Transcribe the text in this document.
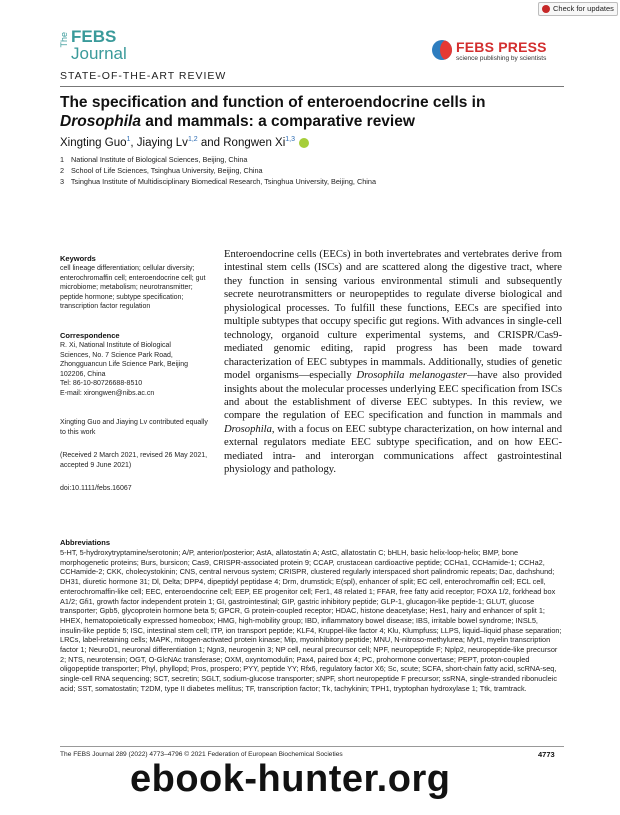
Check for updates
The FEBS
Journal	FEBS PRESS
science publishing by scientists
STATE-OF-THE-ART REVIEW
The specification and function of enteroendocrine cells in
Drosophila and mammals: a comparative review
Xingting Guo$^1$, Jiaying Lv$^{1,2}$ and Rongwen Xi$^{1,3}$
1 National Institute of Biological Sciences, Beijing, China
2 School of Life Sciences, Tsinghua University, Beijing, China
3 Tsinghua Institute of Multidisciplinary Biomedical Research, Tsinghua University, Beijing, China
Keywords
cell lineage differentiation; cellular diversity; enterochromaffin cell; enteroendocrine cell; gut microbiome; metabolism; neurotransmitter; peptide hormone; subtype specification; transcription factor regulation
Correspondence
R. Xi, National Institute of Biological
Sciences, No. 7 Science Park Road,
Zhongguancun Life Science Park, Beijing
102206, China
Tel: 86-10-80726688-8510
E-mail: xirongwen@nibs.ac.cn
Xingting Guo and Jiaying Lv contributed equally to this work
(Received 2 March 2021, revised 26 May 2021, accepted 9 June 2021)
doi:10.1111/febs.16067
Enteroendocrine cells (EECs) in both invertebrates and vertebrates derive from intestinal stem cells (ISCs) and are scattered along the digestive tract, where they function in sensing various environmental stimuli and subsequently secrete neurotransmitters or neuropeptides to regulate diverse biological and physiological processes. To fulfill these functions, EECs are specified into multiple subtypes that occupy specific gut regions. With advances in single-cell technology, organoid culture experimental systems, and CRISPR/Cas9-mediated genomic editing, rapid progress has been made toward characterization of EEC subtypes in mammals. Additionally, studies of genetic model organisms—especially Drosophila melanogaster—have also provided insights about the molecular processes underlying EEC specification from ISCs and about the establishment of diverse EEC subtypes. In this review, we compare the regulation of EEC specification and function in mammals and Drosophila, with a focus on EEC subtype characterization, on how internal and external regulators mediate EEC subtype specification, and on how EEC-mediated intra- and interorgan communications affect gastrointestinal physiology and pathology.
Abbreviations
5-HT, 5-hydroxytryptamine/serotonin; A/P, anterior/posterior; AstA, allatostatin A; AstC, allatostatin C; bHLH, basic helix-loop-helix; BMP, bone morphogenetic proteins; Burs, bursicon; Cas9, CRISPR-associated protein 9; CCAP, crustacean cardioactive peptide; CCHa1, CCHamide-1; CCHa2, CCHamide-2; CKK, cholecystokinin; CNS, central nervous system; CRISPR, clustered regularly interspaced short palindromic repeats; Dac, dachshund; DH31, diuretic hormone 31; Dl, Delta; DPP4, dipeptidyl peptidase 4; Drm, drumstick; E(spl), enhancer of split; EC cell, enterochromaffin cell; ECL cell, enterochromaffin-like cell; EEC, enteroendocrine cell; EEP, EE progenitor cell; Fer1, 48 related 1; FFAR, free fatty acid receptor; FOXA 1/2, forkhead box A1/2; Gfi1, growth factor independent protein 1; GI, gastrointestinal; GIP, gastric inhibitory peptide; GLP-1, glucagon-like peptide-1; GLUT, glucose transporter; Gpb5, glycoprotein hormone beta 5; GPCR, G protein-coupled receptor; HDAC, histone deacetylase; Hes1, hairy and enhancer of split 1; HHEX, hematopoietically expressed homeobox; HMG, high-mobility group; IBD, inflammatory bowel disease; IBS, irritable bowel syndrome; INSL5, insulin-like peptide 5; ISC, intestinal stem cell; ITP, ion transport peptide; KLF4, Kruppel-like factor 4; Klu, Klumpfuss; LLPS, liquid–liquid phase separation; LRCs, label-retaining cells; MAPK, mitogen-activated protein kinase; Mip, myoinhibitory peptide; MNU, N-nitroso-methylurea; Myt1, myelin transcription factor 1; NeuroD1, neuronal differentiation 1; Ngn3, neurogenin 3; NP cell, neural precursor cell; NPF, neuropeptide F; Nplp2, neuropeptide-like precursor 2; NTS, neurotensin; OGT, O-GlcNAc transferase; OXM, oxyntomodulin; Pax4, paired box 4; PC, prohormone convertase; PEPT, proton-coupled oligopeptide transporter; Phyl, phyllopd; Pros, prospero; PYY, peptide YY; Rfx6, regulatory factor X6; Sc, scute; SCFA, short-chain fatty acid, scRNA-seq, single-cell RNA sequencing; SCT, secretin; SGLT, sodium-glucose transporter; sNPF, short neuropeptide F precursor; ssRNA, single-stranded ribonucleic acid; SST, somatostatin; T2DM, type II diabetes mellitus; TF, transcription factor; Tk, tachykinin; TPH1, tryptophan hydroxylase 1; Ttk, tramtrack.
The FEBS Journal 289 (2022) 4773–4796 © 2021 Federation of European Biochemical Societies	4773
ebook-hunter.org
